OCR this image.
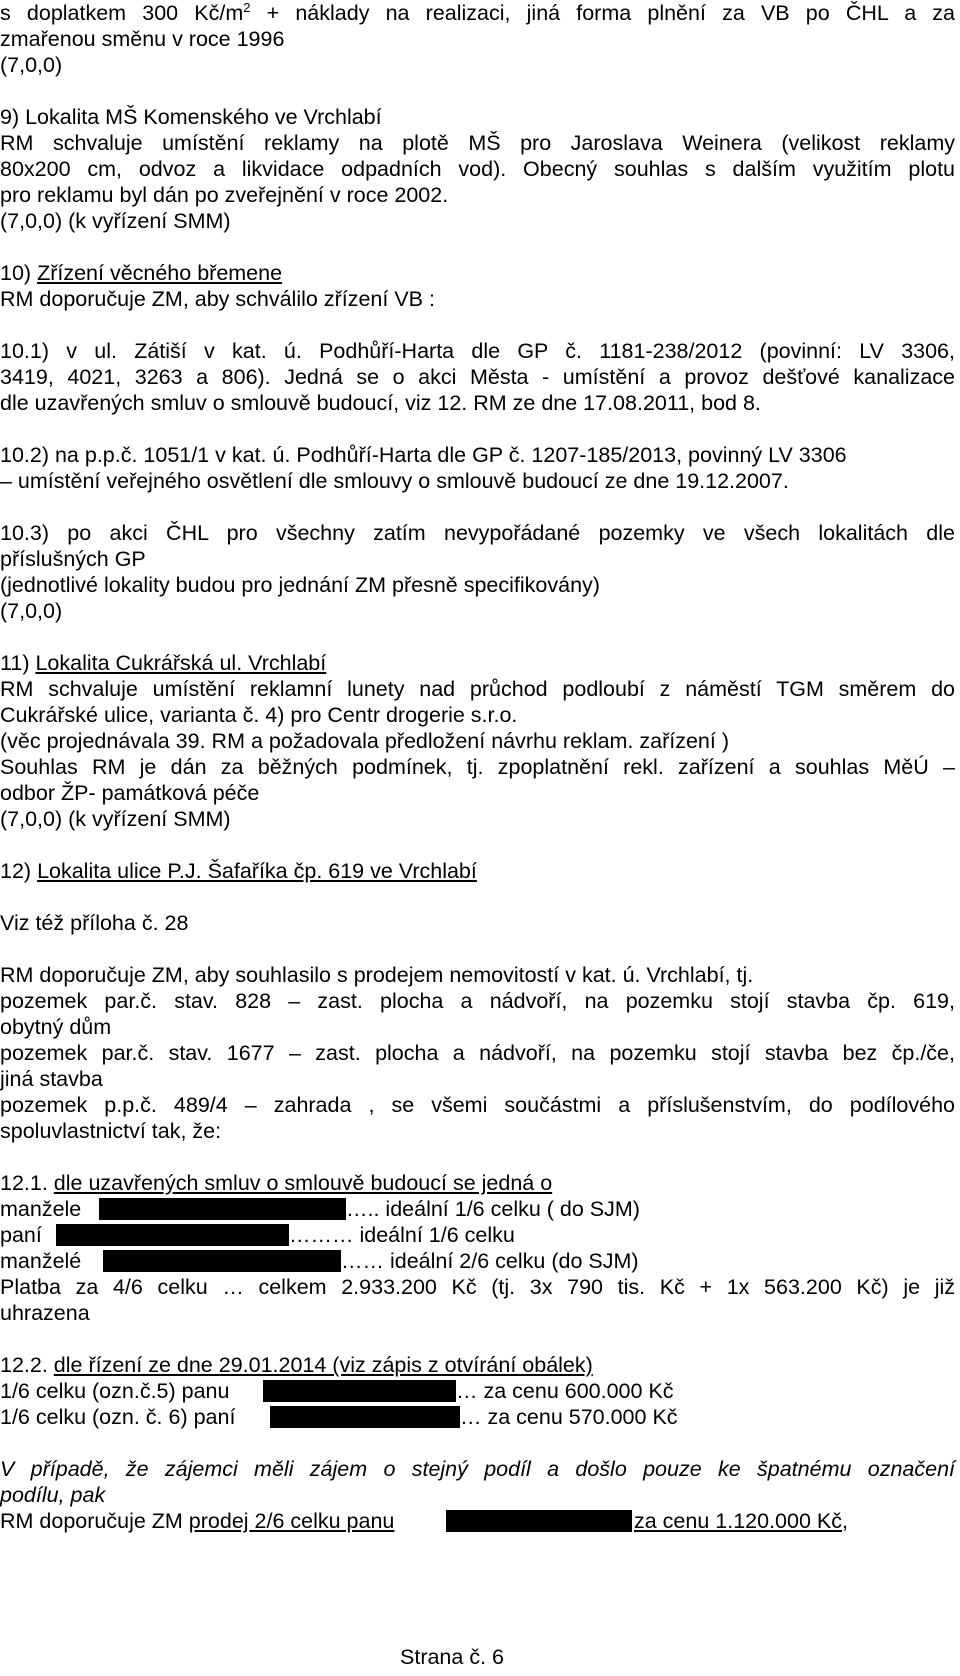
s doplatkem 300 $Kč/m^2$ + náklady na realizaci, jiná forma plnění za VB po ČHL a za
zmařenou směnu v roce 1996
(7,0,0)
9) Lokalita MŠ Komenského ve Vrchlabí
RM schvaluje umístění reklamy na plotě MŠ pro Jaroslava Weinera (velikost reklamy
80x200 cm, odvoz a likvidace odpadních vod). Obecný souhlas s dalším využitím plotu
pro reklamu byl dán po zveřejnění v roce 2002.
(7,0,0) (k vyřízení SMM)
10) Zřízení věcného břemene
RM doporučuje ZM, aby schválilo zřízení VB :
10.1) v ul. Zátiší v kat. ú. Podhůří-Harta dle GP č. 1181-238/2012 (povinní: LV 3306,
3419, 4021, 3263 a 806). Jedná se o akci Města - umístění a provoz dešťové kanalizace
dle uzavřených smluv o smlouvě budoucí, viz 12. RM ze dne 17.08.2011, bod 8.
10.2) na p.p.č. 1051/1 v kat. ú. Podhůří-Harta dle GP č. 1207-185/2013, povinný LV 3306
– umístění veřejného osvětlení dle smlouvy o smlouvě budoucí ze dne 19.12.2007.
10.3) po akci ČHL pro všechny zatím nevypořádané pozemky ve všech lokalitách dle
příslušných GP
(jednotlivé lokality budou pro jednání ZM přesně specifikovány)
(7,0,0)
11) Lokalita Cukrářská ul. Vrchlabí
RM schvaluje umístění reklamní lunety nad průchod podloubí z náměstí TGM směrem do
Cukrářské ulice, varianta č. 4) pro Centr drogerie s.r.o.
(věc projednávala 39. RM a požadovala předložení návrhu reklam. zařízení )
Souhlas RM je dán za běžných podmínek, tj. zpoplatnění rekl. zařízení a souhlas MěÚ –
odbor ŽP- památková péče
(7,0,0) (k vyřízení SMM)
12) Lokalita ulice P.J. Šafaříka čp. 619 ve Vrchlabí
Viz též příloha č. 28
RM doporučuje ZM, aby souhlasilo s prodejem nemovitostí v kat. ú. Vrchlabí, tj.
pozemek par.č. stav. 828 – zast. plocha a nádvoří, na pozemku stojí stavba čp. 619,
obytný dům
pozemek par.č. stav. 1677 – zast. plocha a nádvoří, na pozemku stojí stavba bez čp./če,
jiná stavba
pozemek p.p.č. 489/4 – zahrada , se všemi součástmi a příslušenstvím, do podílového
spoluvlastnictví tak, že:
12.1. dle uzavřených smluv o smlouvě budoucí se jedná o
manžele	….. ideální 1/6 celku ( do SJM)
paní	……… ideální 1/6 celku
manželé	…… ideální 2/6 celku (do SJM)
Platba za 4/6 celku … celkem 2.933.200 Kč (tj. 3x 790 tis. Kč + 1x 563.200 Kč) je již
uhrazena
12.2. dle řízení ze dne 29.01.2014 (viz zápis z otvírání obálek)
1/6 celku (ozn.č.5) panu	… za cenu 600.000 Kč
1/6 celku (ozn. č. 6) paní	… za cenu 570.000 Kč
V případě, že zájemci měli zájem o stejný podíl a došlo pouze ke špatnému označení
podílu, pak
RM doporučuje ZM prodej 2/6 celku panu	za cenu 1.120.000 Kč,
Strana č. 6
